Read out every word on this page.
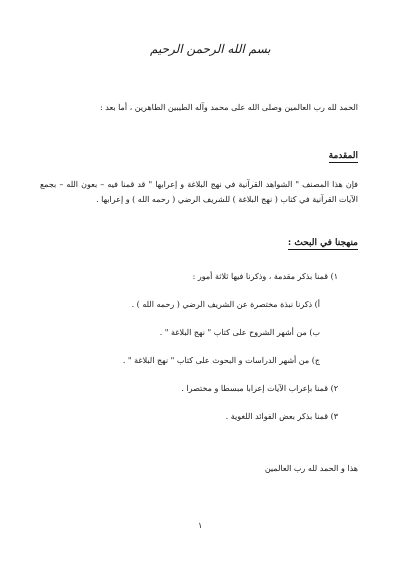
بسم الله الرحمن الرحيم
الحمد لله رب العالمين وصلى الله على محمد وآله الطيبين الطاهرين ، أما بعد :
المقدمة
فإن هذا المصنف " الشواهد القرآنية في نهج البلاغة و إعرابها " قد قمنا فيه – بعون الله – بجمع الآيات القرآنية في كتاب ( نهج البلاغة ) للشريف الرضي ( رحمه الله ) و إعرابها .
منهجنا في البحث :
١) قمنا بذكر مقدمة ، وذكرنا فيها ثلاثة أمور :
أ) ذكرنا نبذة مختصرة عن الشريف الرضي ( رحمه الله ) .
ب) من أشهر الشروح على كتاب " نهج البلاغة " .
ج) من أشهر الدراسات و البحوث على كتاب " نهج البلاغة " .
٢) قمنا بإعراب الآيات إعرابا مبسطا و مختصرا .
٣) قمنا بذكر بعض الفوائد اللغوية .
هذا و الحمد لله رب العالمين
١
